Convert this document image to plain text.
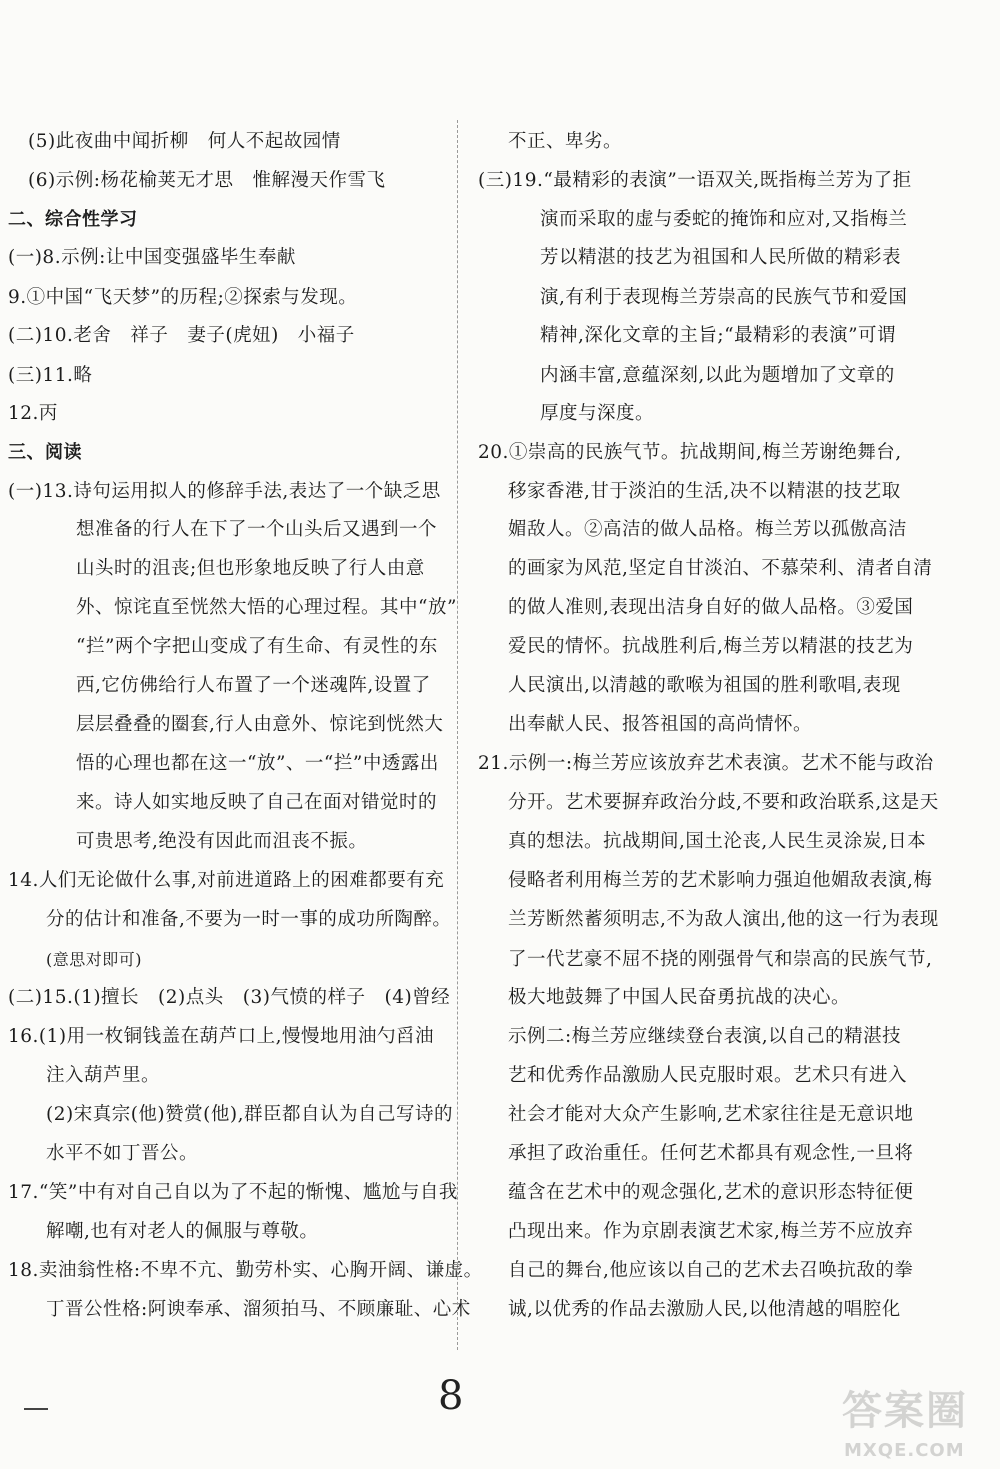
(5)此夜曲中闻折柳　何人不起故园情
(6)示例:杨花榆荚无才思　惟解漫天作雪飞
二、综合性学习
(一)8.示例:让中国变强盛毕生奉献
9.①中国“飞天梦”的历程;②探索与发现。
(二)10.老舍　祥子　妻子(虎妞)　小福子
(三)11.略
12.丙
三、阅读
(一)13.诗句运用拟人的修辞手法,表达了一个缺乏思
想准备的行人在下了一个山头后又遇到一个
山头时的沮丧;但也形象地反映了行人由意
外、惊诧直至恍然大悟的心理过程。其中“放”
“拦”两个字把山变成了有生命、有灵性的东
西,它仿佛给行人布置了一个迷魂阵,设置了
层层叠叠的圈套,行人由意外、惊诧到恍然大
悟的心理也都在这一“放”、一“拦”中透露出
来。诗人如实地反映了自己在面对错觉时的
可贵思考,绝没有因此而沮丧不振。
14.人们无论做什么事,对前进道路上的困难都要有充
分的估计和准备,不要为一时一事的成功所陶醉。
(意思对即可)
(二)15.(1)擅长　(2)点头　(3)气愤的样子　(4)曾经
16.(1)用一枚铜钱盖在葫芦口上,慢慢地用油勺舀油
注入葫芦里。
(2)宋真宗(他)赞赏(他),群臣都自认为自己写诗的
水平不如丁晋公。
17.“笑”中有对自己自以为了不起的惭愧、尴尬与自我
解嘲,也有对老人的佩服与尊敬。
18.卖油翁性格:不卑不亢、勤劳朴实、心胸开阔、谦虚。
丁晋公性格:阿谀奉承、溜须拍马、不顾廉耻、心术
不正、卑劣。
(三)19.“最精彩的表演”一语双关,既指梅兰芳为了拒
演而采取的虚与委蛇的掩饰和应对,又指梅兰
芳以精湛的技艺为祖国和人民所做的精彩表
演,有利于表现梅兰芳崇高的民族气节和爱国
精神,深化文章的主旨;“最精彩的表演”可谓
内涵丰富,意蕴深刻,以此为题增加了文章的
厚度与深度。
20.①崇高的民族气节。抗战期间,梅兰芳谢绝舞台,
移家香港,甘于淡泊的生活,决不以精湛的技艺取
媚敌人。②高洁的做人品格。梅兰芳以孤傲高洁
的画家为风范,坚定自甘淡泊、不慕荣利、清者自清
的做人准则,表现出洁身自好的做人品格。③爱国
爱民的情怀。抗战胜利后,梅兰芳以精湛的技艺为
人民演出,以清越的歌喉为祖国的胜利歌唱,表现
出奉献人民、报答祖国的高尚情怀。
21.示例一:梅兰芳应该放弃艺术表演。艺术不能与政治
分开。艺术要摒弃政治分歧,不要和政治联系,这是天
真的想法。抗战期间,国土沦丧,人民生灵涂炭,日本
侵略者利用梅兰芳的艺术影响力强迫他媚敌表演,梅
兰芳断然蓄须明志,不为敌人演出,他的这一行为表现
了一代艺豪不屈不挠的刚强骨气和崇高的民族气节,
极大地鼓舞了中国人民奋勇抗战的决心。
示例二:梅兰芳应继续登台表演,以自己的精湛技
艺和优秀作品激励人民克服时艰。艺术只有进入
社会才能对大众产生影响,艺术家往往是无意识地
承担了政治重任。任何艺术都具有观念性,一旦将
蕴含在艺术中的观念强化,艺术的意识形态特征便
凸现出来。作为京剧表演艺术家,梅兰芳不应放弃
自己的舞台,他应该以自己的艺术去召唤抗敌的拳
诚,以优秀的作品去激励人民,以他清越的唱腔化
8	答案圈
MXQE.COM
